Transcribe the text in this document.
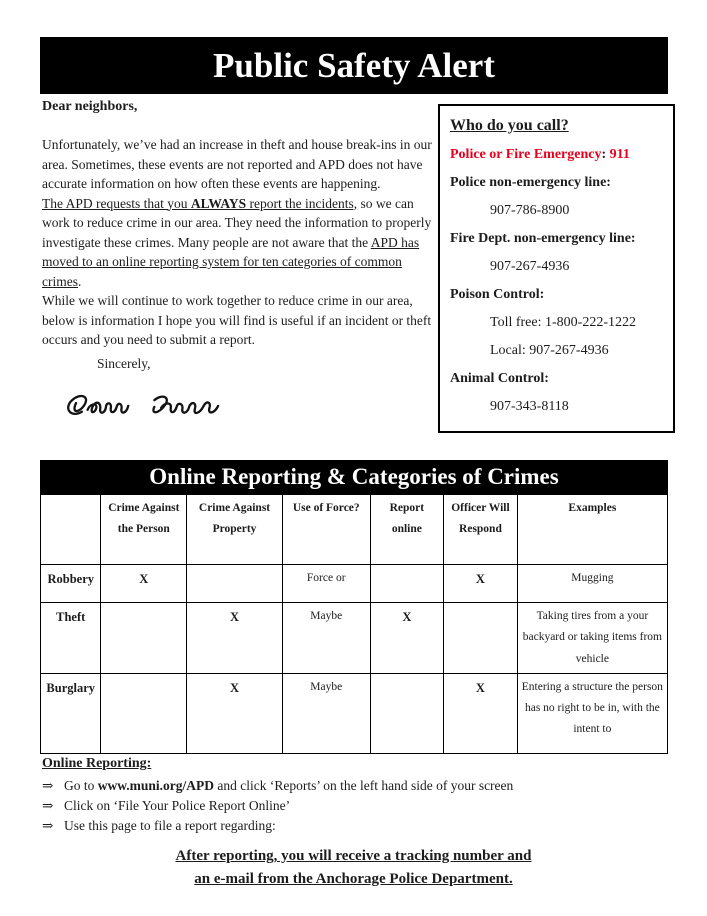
Public Safety Alert
Dear neighbors,

Unfortunately, we’ve had an increase in theft and house break-ins in our area. Sometimes, these events are not reported and APD does not have accurate information on how often these events are happening.

The APD requests that you ALWAYS report the incidents, so we can work to reduce crime in our area. They need the information to properly investigate these crimes. Many people are not aware that the APD has moved to an online reporting system for ten categories of common crimes.

While we will continue to work together to reduce crime in our area, below is information I hope you will find is useful if an incident or theft occurs and you need to submit a report.

Sincerely,
Who do you call?
Police or Fire Emergency: 911
Police non-emergency line:
907-786-8900
Fire Dept. non-emergency line:
907-267-4936
Poison Control:
Toll free: 1-800-222-1222
Local: 907-267-4936
Animal Control:
907-343-8118
Online Reporting & Categories of Crimes
	Crime Against the Person	Crime Against Property	Use of Force?	Report online	Officer Will Respond	Examples
Robbery	X		Force or		X	Mugging
Theft		X	Maybe	X		Taking tires from a your backyard or taking items from vehicle
Burglary		X	Maybe		X	Entering a structure the person has no right to be in, with the intent to
Online Reporting:
⇒ Go to www.muni.org/APD and click ‘Reports’ on the left hand side of your screen
⇒ Click on ‘File Your Police Report Online’
⇒ Use this page to file a report regarding:
After reporting, you will receive a tracking number and
an e-mail from the Anchorage Police Department.
